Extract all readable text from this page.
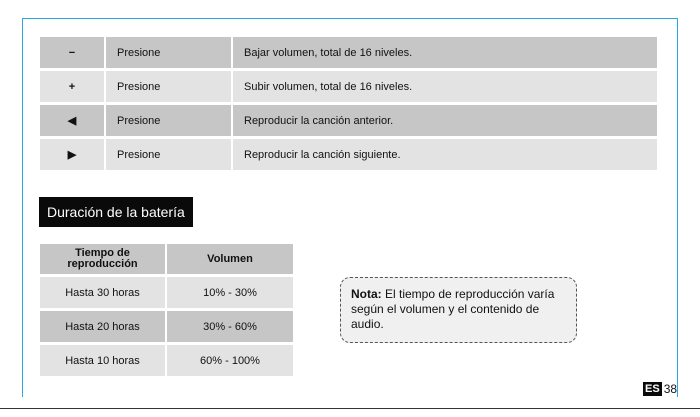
−	Presione	Bajar volumen, total de 16 niveles.
+	Presione	Subir volumen, total de 16 niveles.
◀	Presione	Reproducir la canción anterior.
▶	Presione	Reproducir la canción siguiente.
Duración de la batería
Tiempo de
reproducción	Volumen
Hasta 30 horas	10% - 30%
Hasta 20 horas	30% - 60%
Hasta 10 horas	60% - 100%
Nota: El tiempo de reproducción varía según el volumen y el contenido de audio.
ES 38
